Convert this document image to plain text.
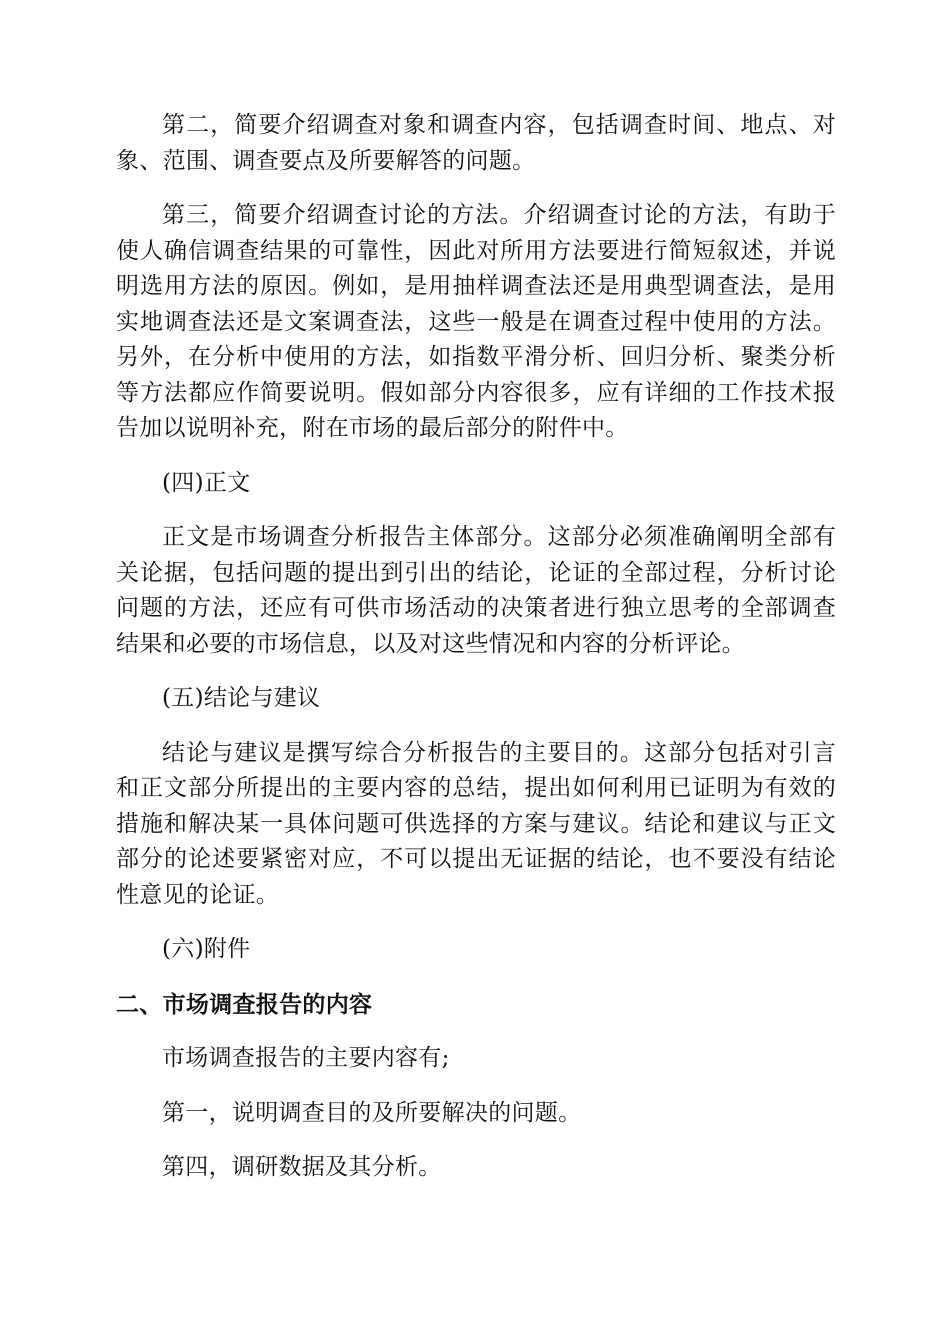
第二，简要介绍调查对象和调查内容，包括调查时间、地点、对象、范围、调查要点及所要解答的问题。

第三，简要介绍调查讨论的方法。介绍调查讨论的方法，有助于使人确信调查结果的可靠性，因此对所用方法要进行简短叙述，并说明选用方法的原因。例如，是用抽样调查法还是用典型调查法，是用实地调查法还是文案调查法，这些一般是在调查过程中使用的方法。另外，在分析中使用的方法，如指数平滑分析、回归分析、聚类分析等方法都应作简要说明。假如部分内容很多，应有详细的工作技术报告加以说明补充，附在市场的最后部分的附件中。

(四)正文

正文是市场调查分析报告主体部分。这部分必须准确阐明全部有关论据，包括问题的提出到引出的结论，论证的全部过程，分析讨论问题的方法，还应有可供市场活动的决策者进行独立思考的全部调查结果和必要的市场信息，以及对这些情况和内容的分析评论。

(五)结论与建议

结论与建议是撰写综合分析报告的主要目的。这部分包括对引言和正文部分所提出的主要内容的总结，提出如何利用已证明为有效的措施和解决某一具体问题可供选择的方案与建议。结论和建议与正文部分的论述要紧密对应，不可以提出无证据的结论，也不要没有结论性意见的论证。

(六)附件

二、市场调查报告的内容

市场调查报告的主要内容有;

第一，说明调查目的及所要解决的问题。

第四，调研数据及其分析。
